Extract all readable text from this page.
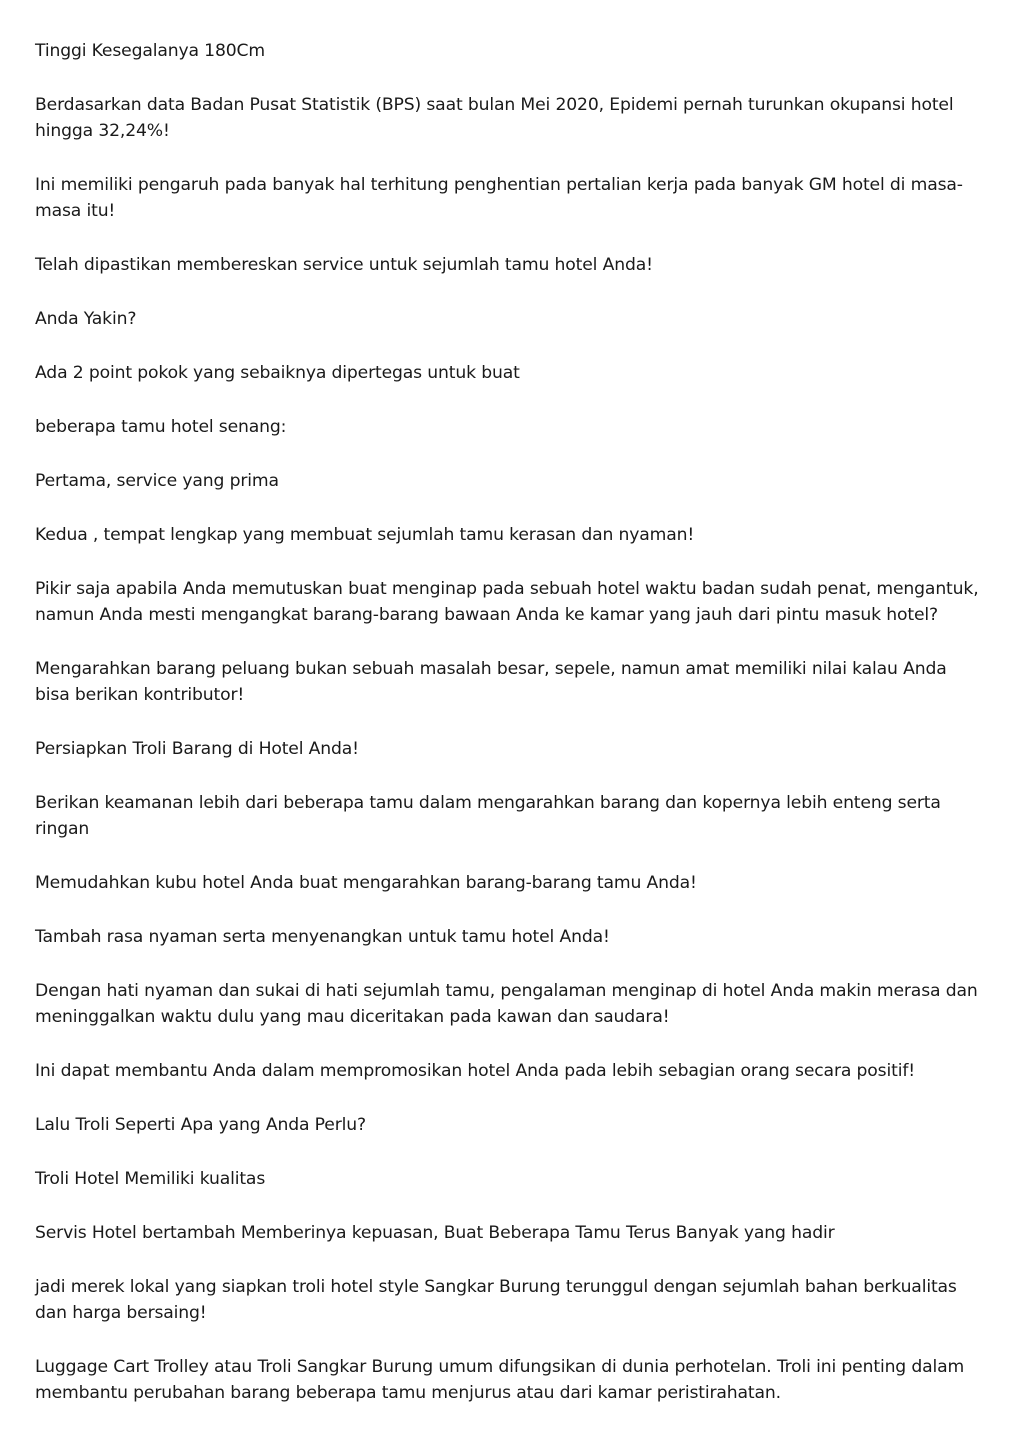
Tinggi Kesegalanya 180Cm

Berdasarkan data Badan Pusat Statistik (BPS) saat bulan Mei 2020, Epidemi pernah turunkan okupansi hotel hingga 32,24%!

Ini memiliki pengaruh pada banyak hal terhitung penghentian pertalian kerja pada banyak GM hotel di masa-masa itu!

Telah dipastikan membereskan service untuk sejumlah tamu hotel Anda!

Anda Yakin?

Ada 2 point pokok yang sebaiknya dipertegas untuk buat

beberapa tamu hotel senang:

Pertama, service yang prima

Kedua , tempat lengkap yang membuat sejumlah tamu kerasan dan nyaman!

Pikir saja apabila Anda memutuskan buat menginap pada sebuah hotel waktu badan sudah penat, mengantuk, namun Anda mesti mengangkat barang-barang bawaan Anda ke kamar yang jauh dari pintu masuk hotel?

Mengarahkan barang peluang bukan sebuah masalah besar, sepele, namun amat memiliki nilai kalau Anda bisa berikan kontributor!

Persiapkan Troli Barang di Hotel Anda!

Berikan keamanan lebih dari beberapa tamu dalam mengarahkan barang dan kopernya lebih enteng serta ringan

Memudahkan kubu hotel Anda buat mengarahkan barang-barang tamu Anda!

Tambah rasa nyaman serta menyenangkan untuk tamu hotel Anda!

Dengan hati nyaman dan sukai di hati sejumlah tamu, pengalaman menginap di hotel Anda makin merasa dan meninggalkan waktu dulu yang mau diceritakan pada kawan dan saudara!

Ini dapat membantu Anda dalam mempromosikan hotel Anda pada lebih sebagian orang secara positif!

Lalu Troli Seperti Apa yang Anda Perlu?

Troli Hotel Memiliki kualitas

Servis Hotel bertambah Memberinya kepuasan, Buat Beberapa Tamu Terus Banyak yang hadir

jadi merek lokal yang siapkan troli hotel style Sangkar Burung terunggul dengan sejumlah bahan berkualitas dan harga bersaing!

Luggage Cart Trolley atau Troli Sangkar Burung umum difungsikan di dunia perhotelan. Troli ini penting dalam membantu perubahan barang beberapa tamu menjurus atau dari kamar peristirahatan.
